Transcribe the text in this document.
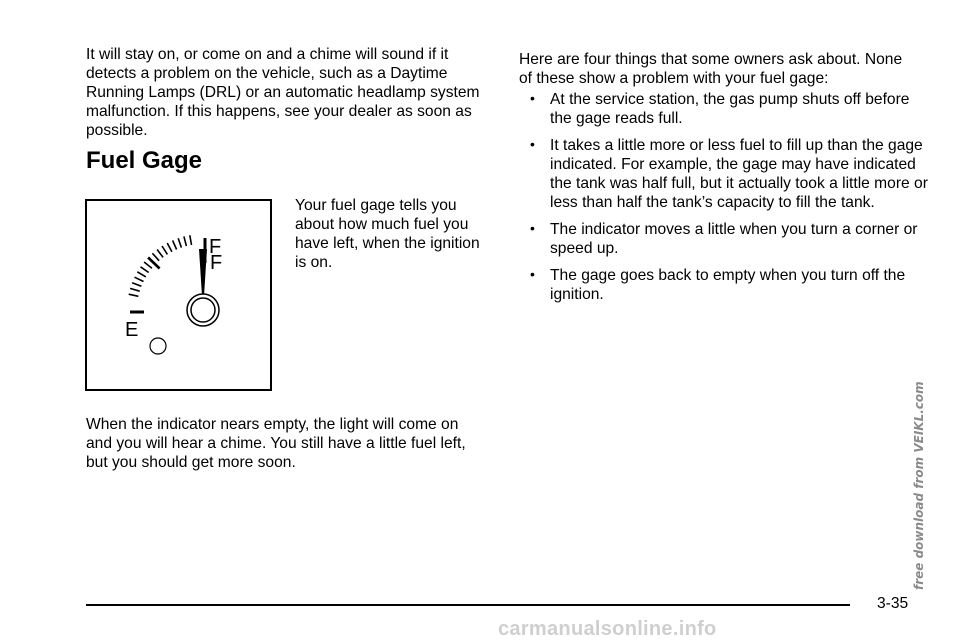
It will stay on, or come on and a chime will sound if it detects a problem on the vehicle, such as a Daytime Running Lamps (DRL) or an automatic headlamp system malfunction. If this happens, see your dealer as soon as possible.

Fuel Gage
F
F
E

Your fuel gage tells you about how much fuel you have left, when the ignition is on.

When the indicator nears empty, the light will come on and you will hear a chime. You still have a little fuel left, but you should get more soon.

Here are four things that some owners ask about. None of these show a problem with your fuel gage:

• At the service station, the gas pump shuts off before the gage reads full.
• It takes a little more or less fuel to fill up than the gage indicated. For example, the gage may have indicated the tank was half full, but it actually took a little more or less than half the tank’s capacity to fill the tank.
• The indicator moves a little when you turn a corner or speed up.
• The gage goes back to empty when you turn off the ignition.
3-35
free download from VEIKL.com
carmanualsonline.info
